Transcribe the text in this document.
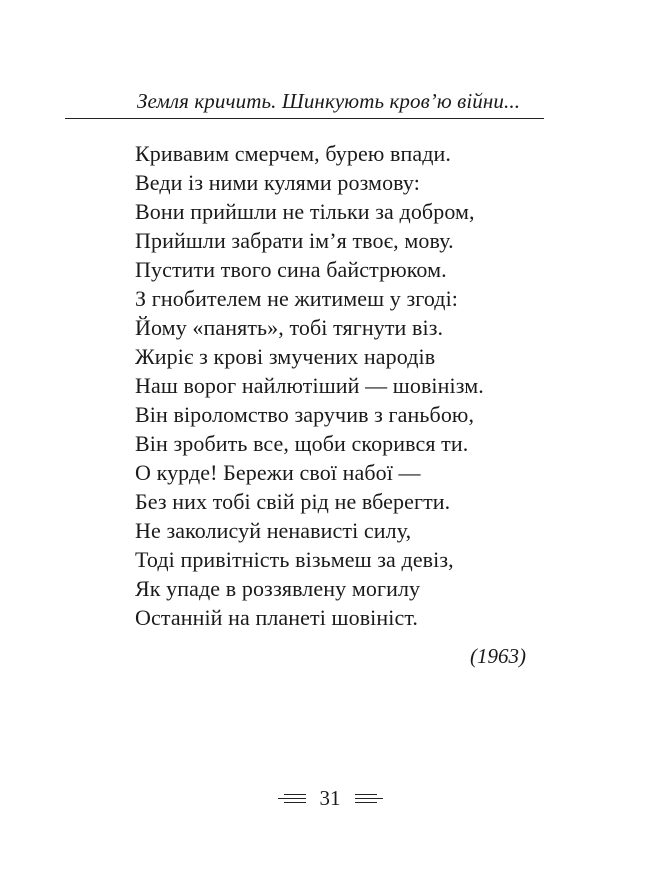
Земля кричить. Шинкують кров’ю війни...
Кривавим смерчем, бурею впади.
Веди із ними кулями розмову:
Вони прийшли не тільки за добром,
Прийшли забрати ім’я твоє, мову.
Пустити твого сина байстрюком.
З гнобителем не житимеш у згоді:
Йому «панять», тобі тягнути віз.
Жиріє з крові змучених народів
Наш ворог найлютіший — шовінізм.
Він віроломство заручив з ганьбою,
Він зробить все, щоби скорився ти.
О курде! Бережи свої набої —
Без них тобі свій рід не вберегти.
Не заколисуй ненависті силу,
Тоді привітність візьмеш за девіз,
Як упаде в роззявлену могилу
Останній на планеті шовініст.
(1963)
31
